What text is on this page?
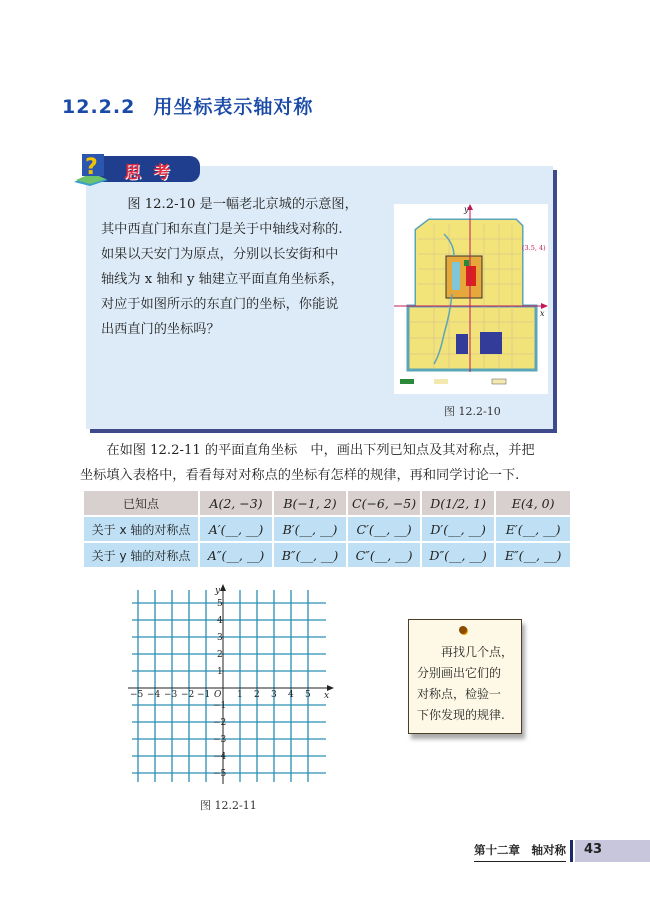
12.2.2 用坐标表示轴对称
? 思考

图 12.2-10 是一幅老北京城的示意图，

其中西直门和东直门是关于中轴线对称的.

如果以天安门为原点，分别以长安街和中

轴线为 x 轴和 y 轴建立平面直角坐标系，

对应于如图所示的东直门的坐标，你能说

出西直门的坐标吗？

y
x
(3.5, 4)
图 12.2-10

在如图 12.2-11 的平面直角坐标　中，画出下列已知点及其对称点，并把

坐标填入表格中，看看每对对称点的坐标有怎样的规律，再和同学讨论一下.

已知点	A(2, −3)	B(−1, 2)	C(−6, −5)	D(1/2, 1)	E(4, 0)
关于 x 轴的对称点	A′(__, __)	B′(__, __)	C′(__, __)	D′(__, __)	E′(__, __)
关于 y 轴的对称点	A″(__, __)	B″(__, __)	C″(__, __)	D″(__, __)	E″(__, __)
−5 −4 −3 −2 −1	1 2 3 4 5
5
4
3
2
1
−1
−2
−3
−4
−5
O	x
y
图 12.2-11

再找几个点，

分别画出它们的

对称点，检验一

下你发现的规律.

第十二章　轴对称 43
